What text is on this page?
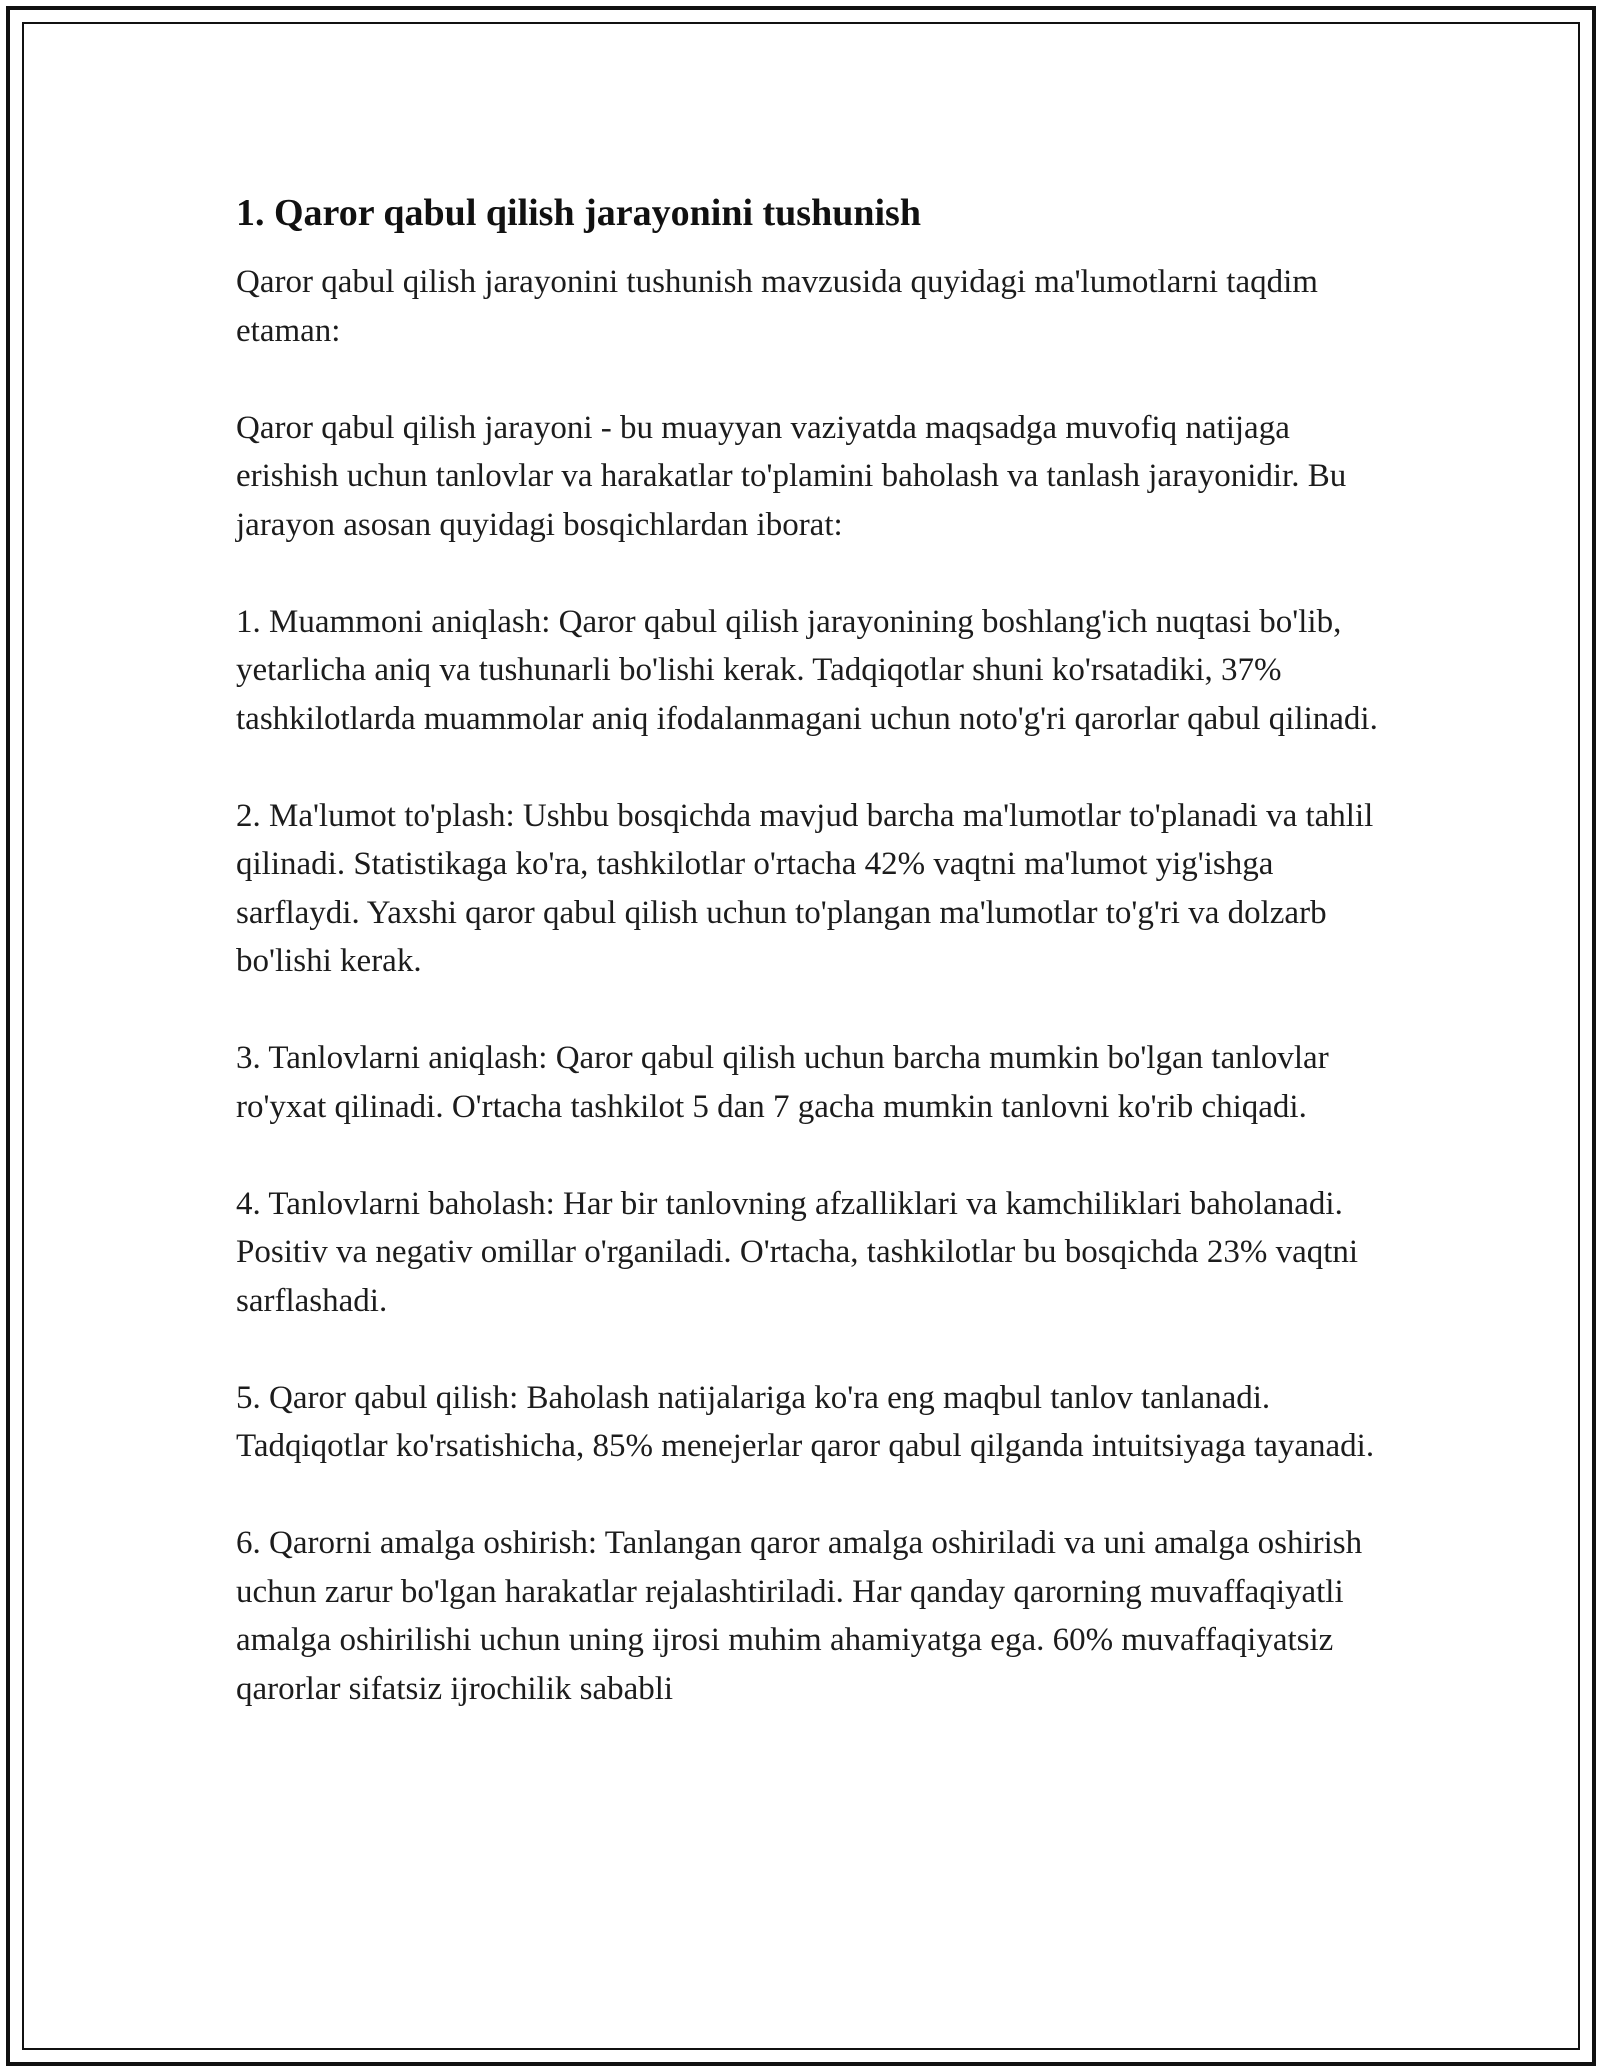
1. Qaror qabul qilish jarayonini tushunish

Qaror qabul qilish jarayonini tushunish mavzusida quyidagi ma'lumotlarni taqdim etaman:

Qaror qabul qilish jarayoni - bu muayyan vaziyatda maqsadga muvofiq natijaga erishish uchun tanlovlar va harakatlar to'plamini baholash va tanlash jarayonidir. Bu jarayon asosan quyidagi bosqichlardan iborat:

1. Muammoni aniqlash: Qaror qabul qilish jarayonining boshlang'ich nuqtasi bo'lib, yetarlicha aniq va tushunarli bo'lishi kerak. Tadqiqotlar shuni ko'rsatadiki, 37% tashkilotlarda muammolar aniq ifodalanmagani uchun noto'g'ri qarorlar qabul qilinadi.

2. Ma'lumot to'plash: Ushbu bosqichda mavjud barcha ma'lumotlar to'planadi va tahlil qilinadi. Statistikaga ko'ra, tashkilotlar o'rtacha 42% vaqtni ma'lumot yig'ishga sarflaydi. Yaxshi qaror qabul qilish uchun to'plangan ma'lumotlar to'g'ri va dolzarb bo'lishi kerak.

3. Tanlovlarni aniqlash: Qaror qabul qilish uchun barcha mumkin bo'lgan tanlovlar ro'yxat qilinadi. O'rtacha tashkilot 5 dan 7 gacha mumkin tanlovni ko'rib chiqadi.

4. Tanlovlarni baholash: Har bir tanlovning afzalliklari va kamchiliklari baholanadi. Positiv va negativ omillar o'rganiladi. O'rtacha, tashkilotlar bu bosqichda 23% vaqtni sarflashadi.

5. Qaror qabul qilish: Baholash natijalariga ko'ra eng maqbul tanlov tanlanadi. Tadqiqotlar ko'rsatishicha, 85% menejerlar qaror qabul qilganda intuitsiyaga tayanadi.

6. Qarorni amalga oshirish: Tanlangan qaror amalga oshiriladi va uni amalga oshirish uchun zarur bo'lgan harakatlar rejalashtiriladi. Har qanday qarorning muvaffaqiyatli amalga oshirilishi uchun uning ijrosi muhim ahamiyatga ega. 60% muvaffaqiyatsiz qarorlar sifatsiz ijrochilik sababli
